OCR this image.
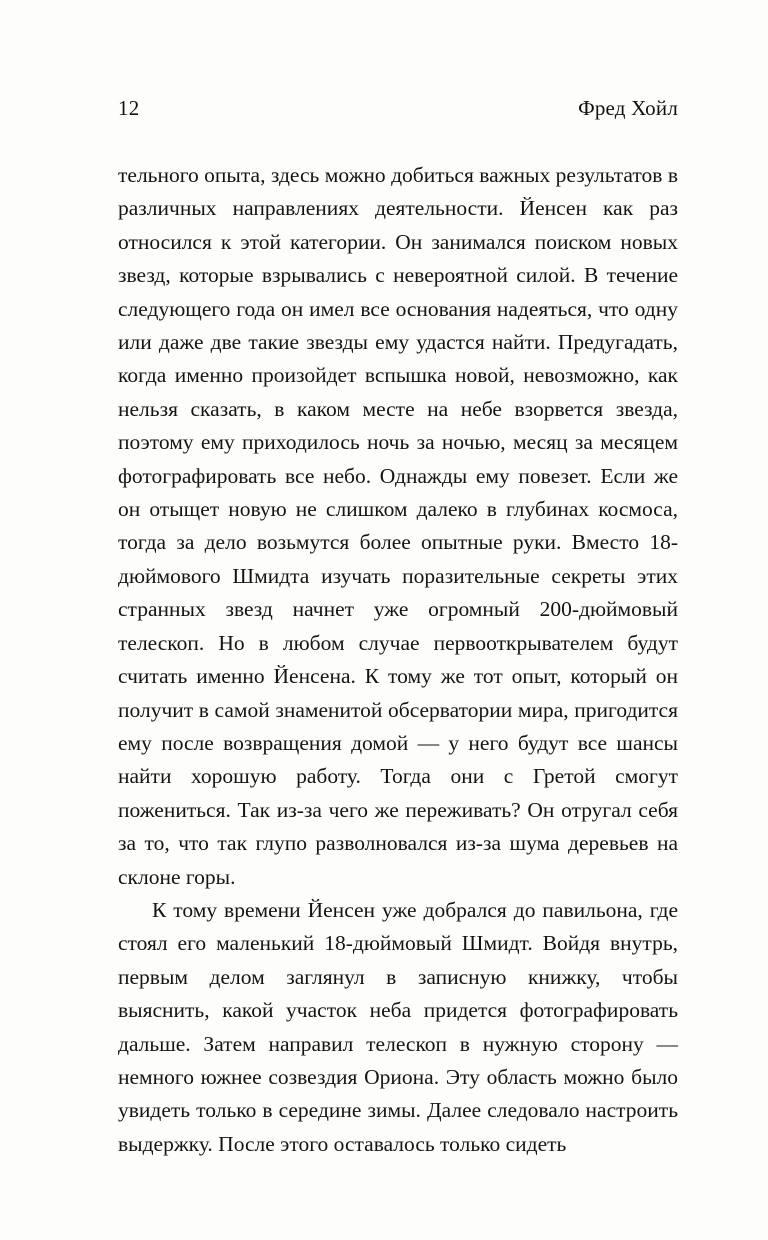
12	Фред Хойл

тельного опыта, здесь можно добиться важных результатов в различных направлениях деятельности. Йенсен как раз относился к этой категории. Он занимался поиском новых звезд, которые взрывались с невероятной силой. В течение следующего года он имел все основания надеяться, что одну или даже две такие звезды ему удастся найти. Предугадать, когда именно произойдет вспышка новой, невозможно, как нельзя сказать, в каком месте на небе взорвется звезда, поэтому ему приходилось ночь за ночью, месяц за месяцем фотографировать все небо. Однажды ему повезет. Если же он отыщет новую не слишком далеко в глубинах космоса, тогда за дело возьмутся более опытные руки. Вместо 18-дюймового Шмидта изучать поразительные секреты этих странных звезд начнет уже огромный 200-дюймовый телескоп. Но в любом случае первооткрывателем будут считать именно Йенсена. К тому же тот опыт, который он получит в самой знаменитой обсерватории мира, пригодится ему после возвращения домой — у него будут все шансы найти хорошую работу. Тогда они с Гретой смогут пожениться. Так из-за чего же переживать? Он отругал себя за то, что так глупо разволновался из-за шума деревьев на склоне горы.

К тому времени Йенсен уже добрался до павильона, где стоял его маленький 18-дюймовый Шмидт. Войдя внутрь, первым делом заглянул в записную книжку, чтобы выяснить, какой участок неба придется фотографировать дальше. Затем направил телескоп в нужную сторону — немного южнее созвездия Ориона. Эту область можно было увидеть только в середине зимы. Далее следовало настроить выдержку. После этого оставалось только сидеть
